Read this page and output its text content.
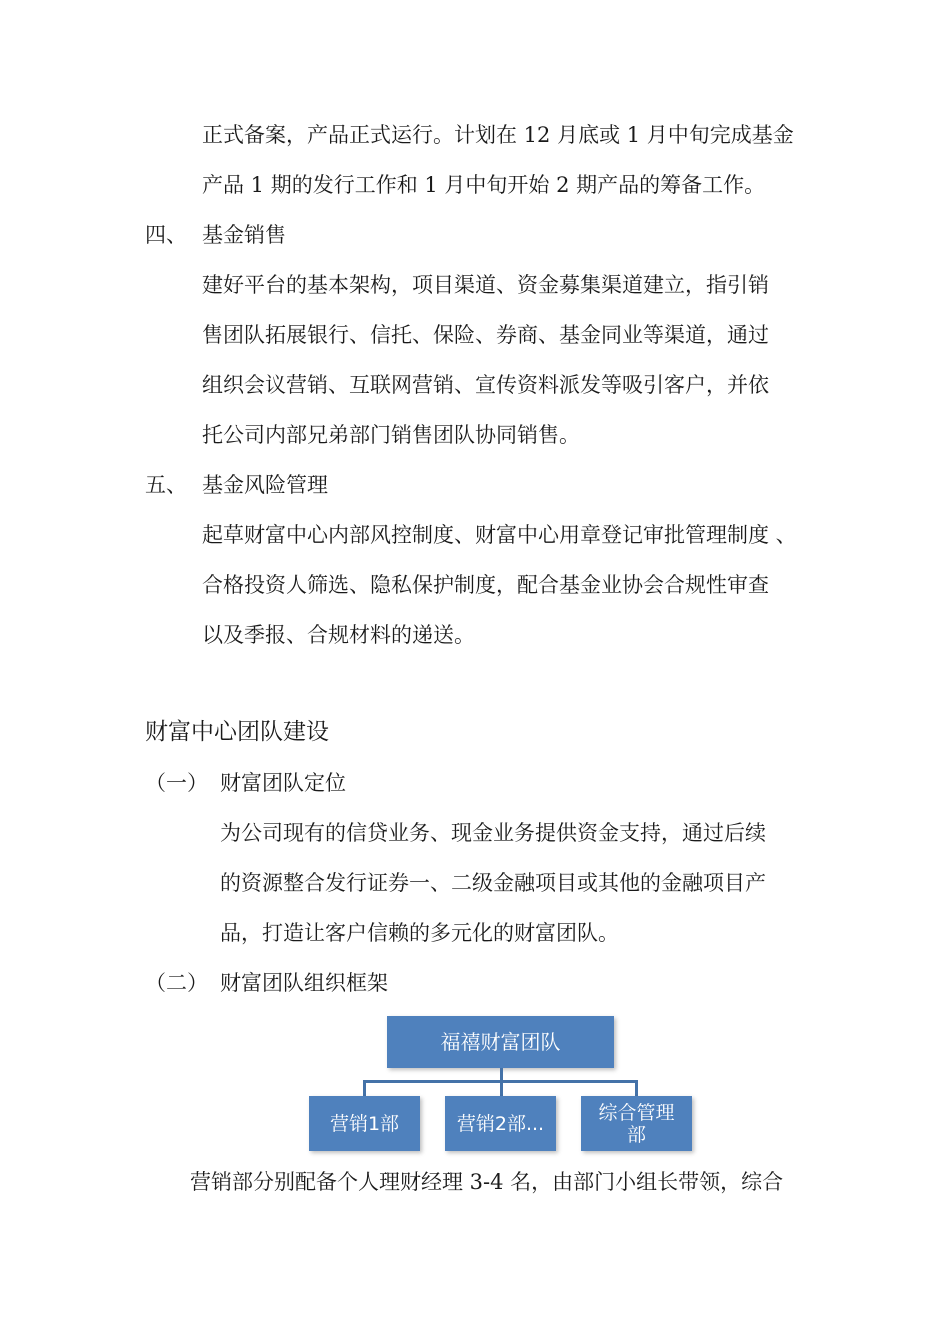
正式备案，产品正式运行。计划在 12 月底或 1 月中旬完成基金
产品 1 期的发行工作和 1 月中旬开始 2 期产品的筹备工作。
四、 基金销售
建好平台的基本架构，项目渠道、资金募集渠道建立，指引销
售团队拓展银行、信托、保险、券商、基金同业等渠道，通过
组织会议营销、互联网营销、宣传资料派发等吸引客户，并依
托公司内部兄弟部门销售团队协同销售。
五、 基金风险管理
起草财富中心内部风控制度、财富中心用章登记审批管理制度 、
合格投资人筛选、隐私保护制度，配合基金业协会合规性审查
以及季报、合规材料的递送。
财富中心团队建设
（一） 财富团队定位
为公司现有的信贷业务、现金业务提供资金支持，通过后续
的资源整合发行证券一、二级金融项目或其他的金融项目产
品，打造让客户信赖的多元化的财富团队。
（二） 财富团队组织框架
福禧财富团队
营销1部	营销2部...	综合管理
部
营销部分别配备个人理财经理 3-4 名，由部门小组长带领，综合
